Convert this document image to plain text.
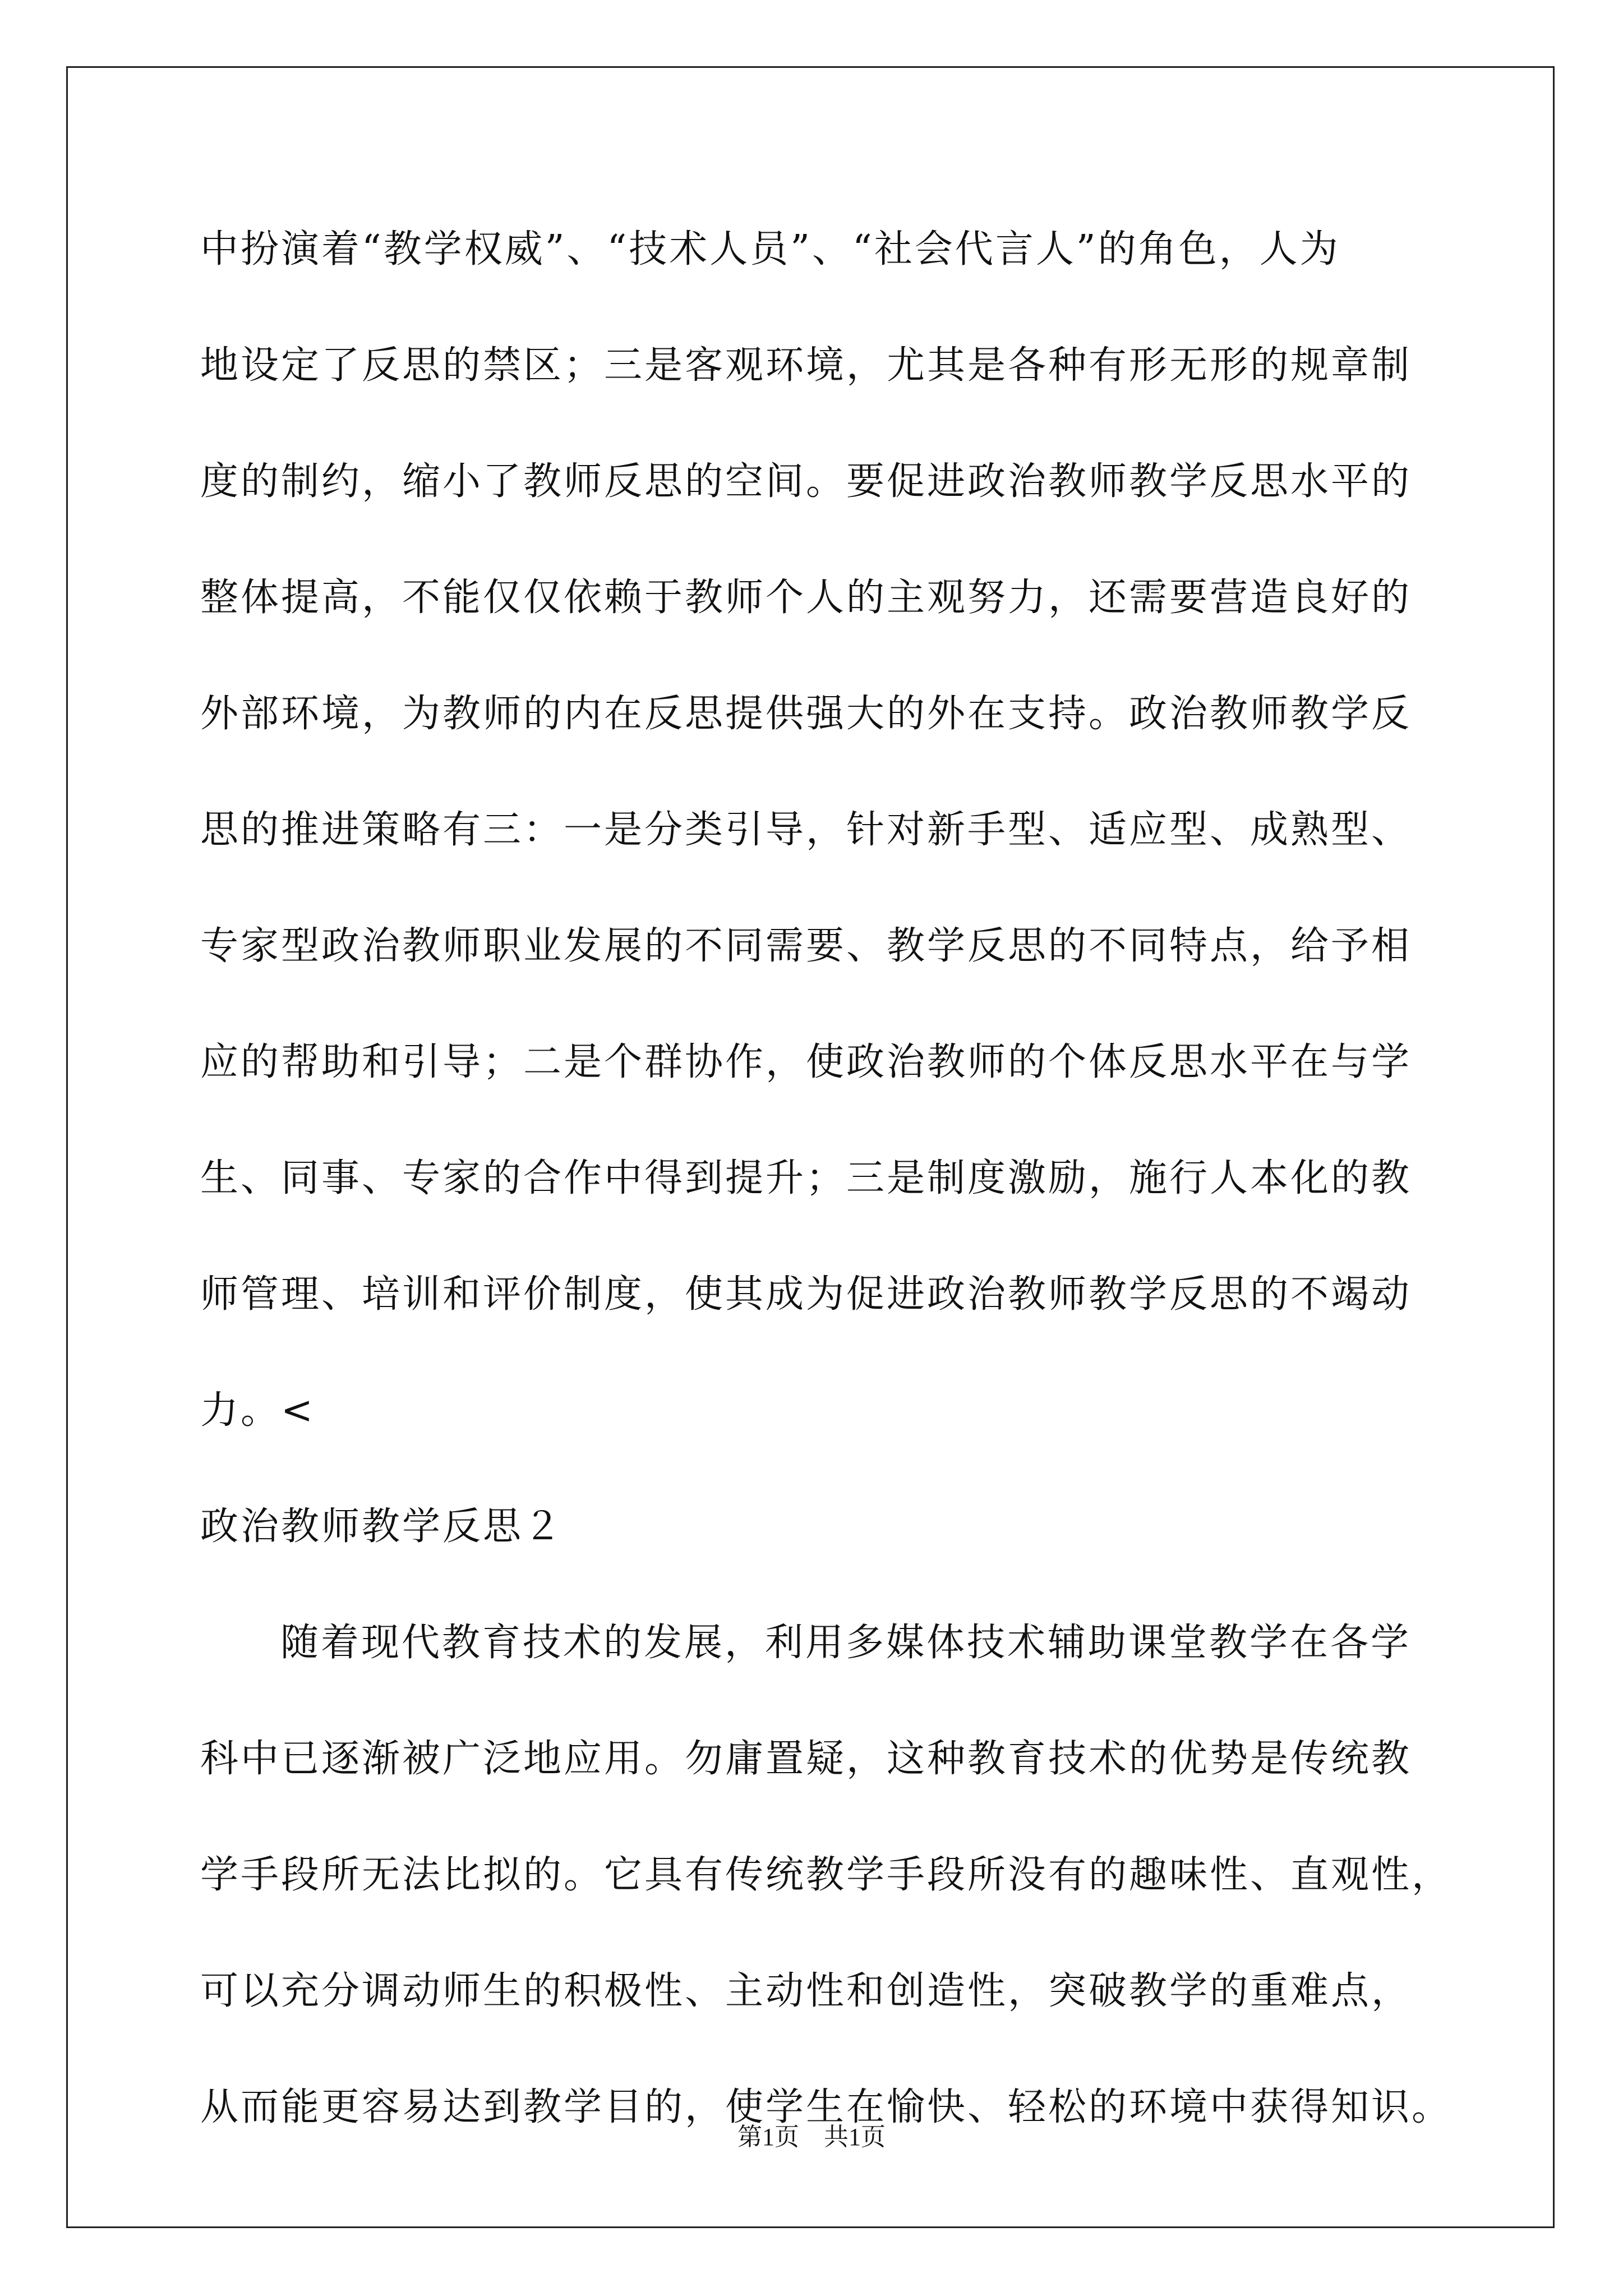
中扮演着“教学权威”、“技术人员”、“社会代言人”的角色，人为
地设定了反思的禁区；三是客观环境，尤其是各种有形无形的规章制
度的制约，缩小了教师反思的空间。要促进政治教师教学反思水平的
整体提高，不能仅仅依赖于教师个人的主观努力，还需要营造良好的
外部环境，为教师的内在反思提供强大的外在支持。政治教师教学反
思的推进策略有三：一是分类引导，针对新手型、适应型、成熟型、
专家型政治教师职业发展的不同需要、教学反思的不同特点，给予相
应的帮助和引导；二是个群协作，使政治教师的个体反思水平在与学
生、同事、专家的合作中得到提升；三是制度激励，施行人本化的教
师管理、培训和评价制度，使其成为促进政治教师教学反思的不竭动
力。<
政治教师教学反思２
随着现代教育技术的发展，利用多媒体技术辅助课堂教学在各学
科中已逐渐被广泛地应用。勿庸置疑，这种教育技术的优势是传统教
学手段所无法比拟的。它具有传统教学手段所没有的趣味性、直观性，
可以充分调动师生的积极性、主动性和创造性，突破教学的重难点，
从而能更容易达到教学目的，使学生在愉快、轻松的环境中获得知识。
第1页　共1页
